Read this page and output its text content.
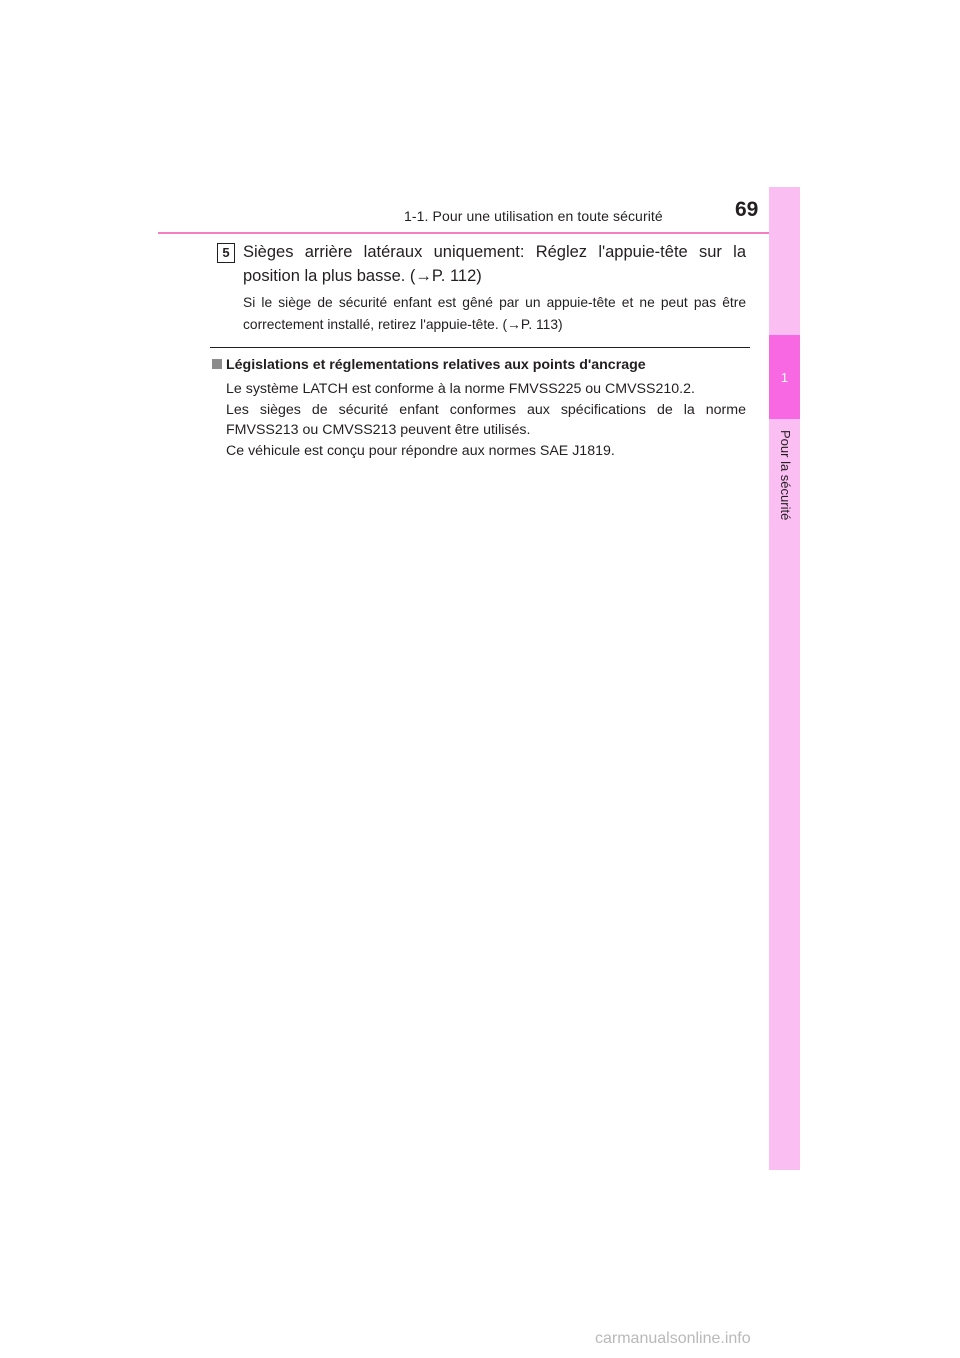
1-1. Pour une utilisation en toute sécurité	69
1
Pour la sécurité
5 Sièges arrière latéraux uniquement: Réglez l'appuie-tête sur la position la plus basse. (→P. 112)
Si le siège de sécurité enfant est gêné par un appuie-tête et ne peut pas être correctement installé, retirez l'appuie-tête. (→P. 113)
Législations et réglementations relatives aux points d'ancrage

Le système LATCH est conforme à la norme FMVSS225 ou CMVSS210.2.

Les sièges de sécurité enfant conformes aux spécifications de la norme FMVSS213 ou CMVSS213 peuvent être utilisés.

Ce véhicule est conçu pour répondre aux normes SAE J1819.

carmanualsonline.info
